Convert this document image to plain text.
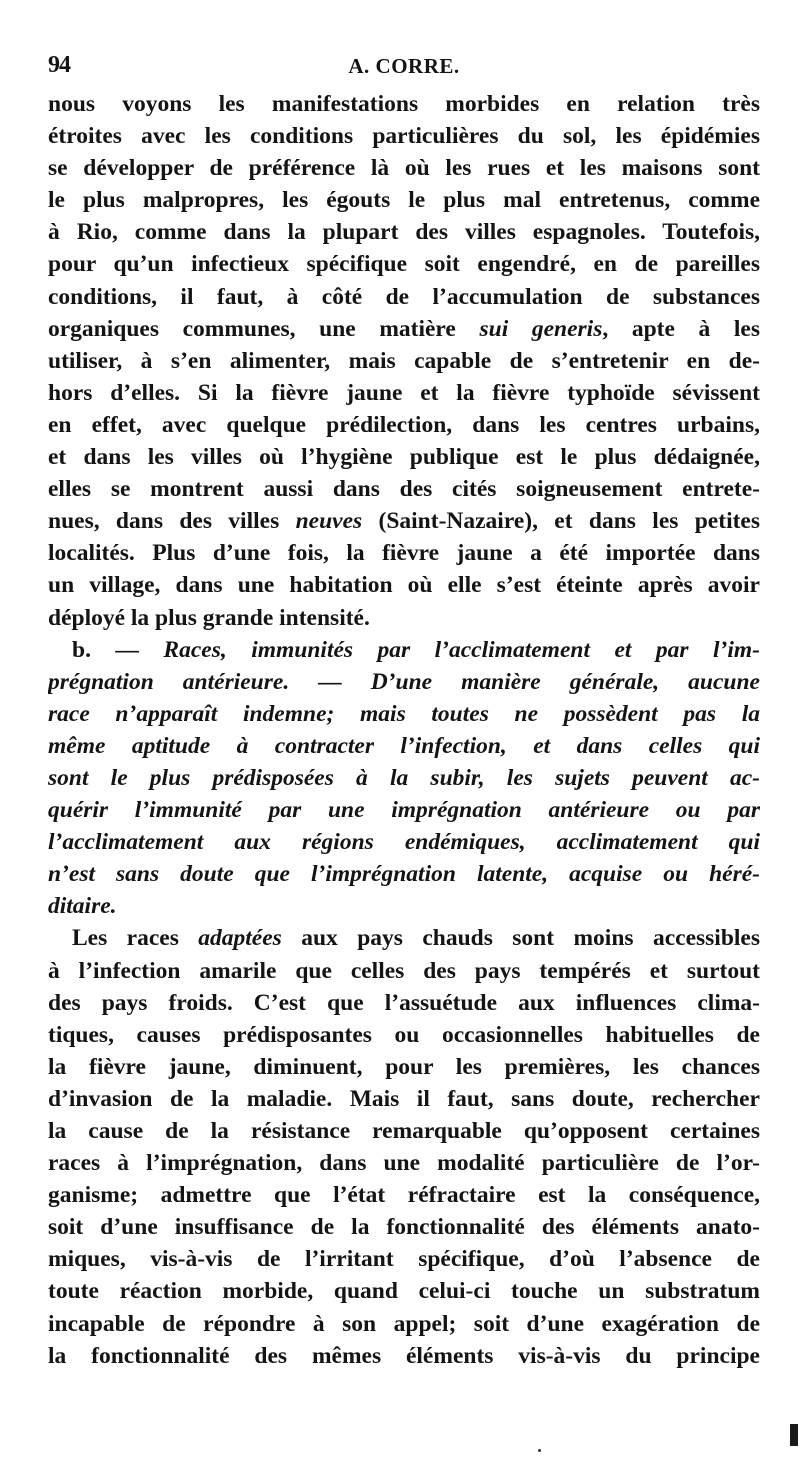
94	A. CORRE.
nous voyons les manifestations morbides en relation très
étroites avec les conditions particulières du sol, les épidémies
se développer de préférence là où les rues et les maisons sont
le plus malpropres, les égouts le plus mal entretenus, comme
à Rio, comme dans la plupart des villes espagnoles. Toutefois,
pour qu’un infectieux spécifique soit engendré, en de pareilles
conditions, il faut, à côté de l’accumulation de substances
organiques communes, une matière sui generis, apte à les
utiliser, à s’en alimenter, mais capable de s’entretenir en de-
hors d’elles. Si la fièvre jaune et la fièvre typhoïde sévissent
en effet, avec quelque prédilection, dans les centres urbains,
et dans les villes où l’hygiène publique est le plus dédaignée,
elles se montrent aussi dans des cités soigneusement entrete-
nues, dans des villes neuves (Saint-Nazaire), et dans les petites
localités. Plus d’une fois, la fièvre jaune a été importée dans
un village, dans une habitation où elle s’est éteinte après avoir
déployé la plus grande intensité.
b. — Races, immunités par l’acclimatement et par l’im-
prégnation antérieure. — D’une manière générale, aucune
race n’apparaît indemne; mais toutes ne possèdent pas la
même aptitude à contracter l’infection, et dans celles qui
sont le plus prédisposées à la subir, les sujets peuvent ac-
quérir l’immunité par une imprégnation antérieure ou par
l’acclimatement aux régions endémiques, acclimatement qui
n’est sans doute que l’imprégnation latente, acquise ou héré-
ditaire.
Les races adaptées aux pays chauds sont moins accessibles
à l’infection amarile que celles des pays tempérés et surtout
des pays froids. C’est que l’assuétude aux influences clima-
tiques, causes prédisposantes ou occasionnelles habituelles de
la fièvre jaune, diminuent, pour les premières, les chances
d’invasion de la maladie. Mais il faut, sans doute, rechercher
la cause de la résistance remarquable qu’opposent certaines
races à l’imprégnation, dans une modalité particulière de l’or-
ganisme; admettre que l’état réfractaire est la conséquence,
soit d’une insuffisance de la fonctionnalité des éléments anato-
miques, vis-à-vis de l’irritant spécifique, d’où l’absence de
toute réaction morbide, quand celui-ci touche un substratum
incapable de répondre à son appel; soit d’une exagération de
la fonctionnalité des mêmes éléments vis-à-vis du principe
